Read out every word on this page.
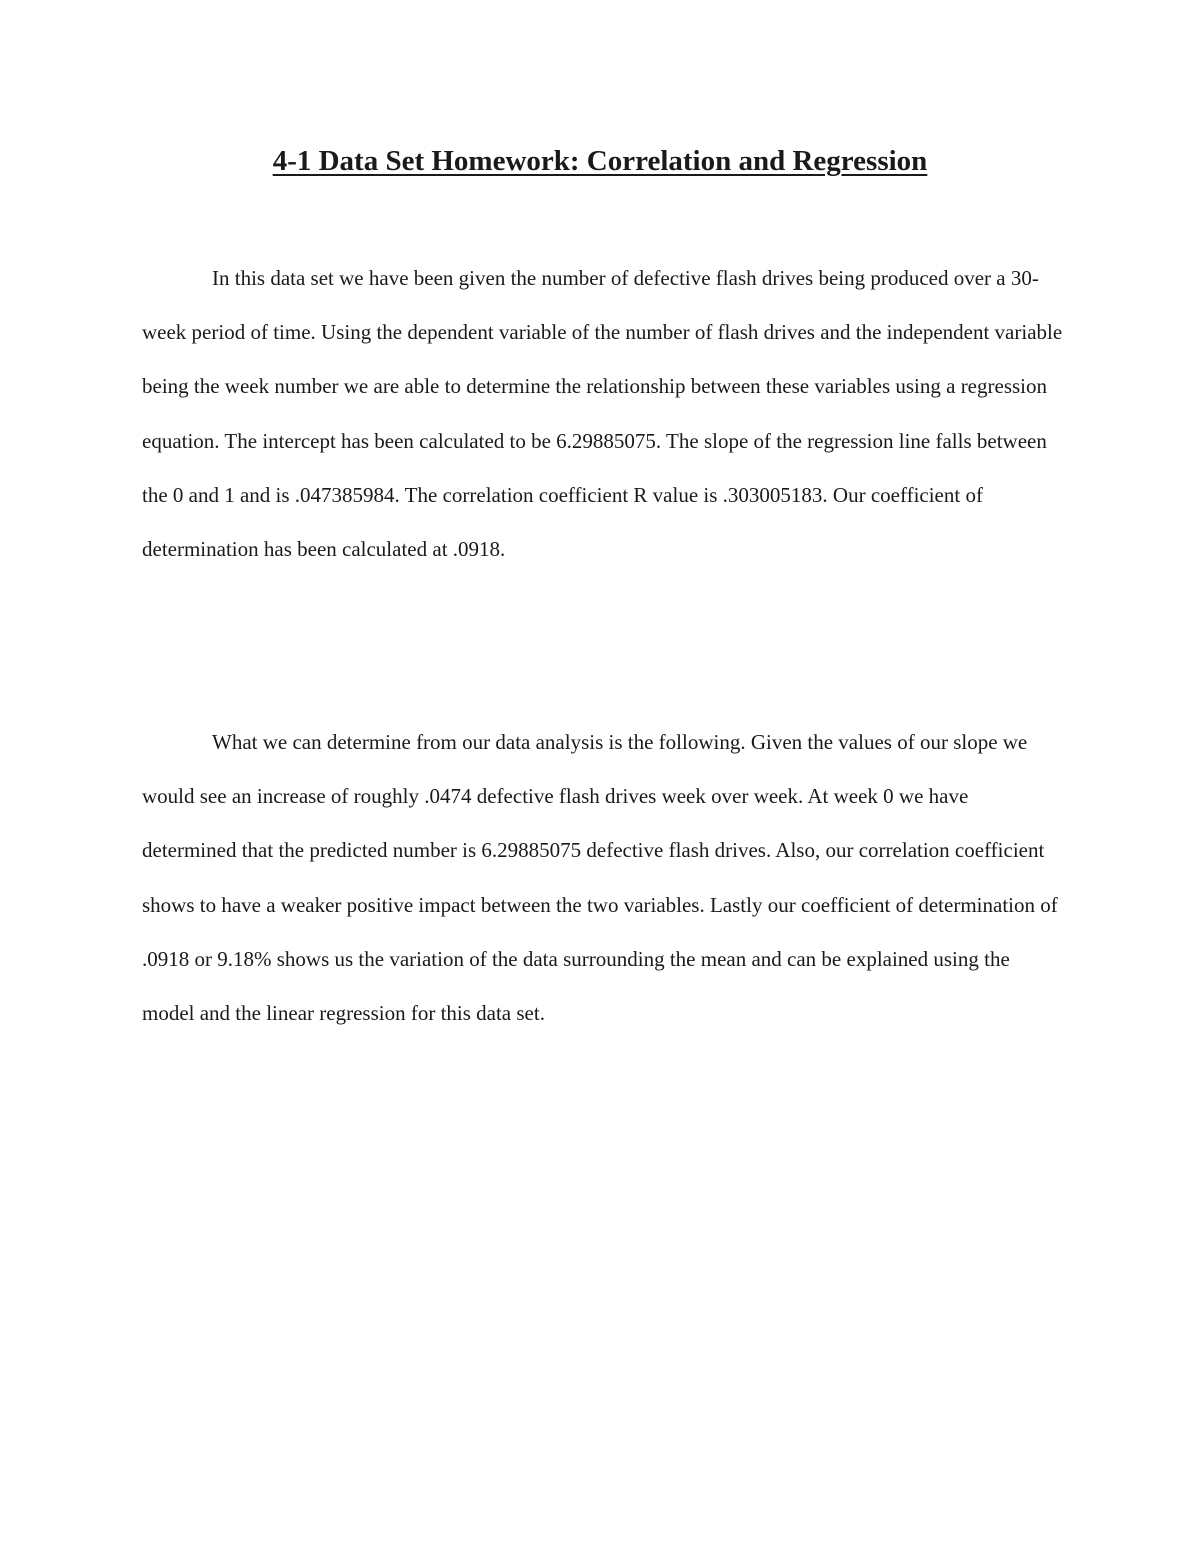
4-1 Data Set Homework: Correlation and Regression

In this data set we have been given the number of defective flash drives being produced over a 30-week period of time. Using the dependent variable of the number of flash drives and the independent variable being the week number we are able to determine the relationship between these variables using a regression equation. The intercept has been calculated to be 6.29885075. The slope of the regression line falls between the 0 and 1 and is .047385984. The correlation coefficient R value is .303005183. Our coefficient of determination has been calculated at .0918.

What we can determine from our data analysis is the following. Given the values of our slope we would see an increase of roughly .0474 defective flash drives week over week. At week 0 we have determined that the predicted number is 6.29885075 defective flash drives. Also, our correlation coefficient shows to have a weaker positive impact between the two variables. Lastly our coefficient of determination of .0918 or 9.18% shows us the variation of the data surrounding the mean and can be explained using the model and the linear regression for this data set.
